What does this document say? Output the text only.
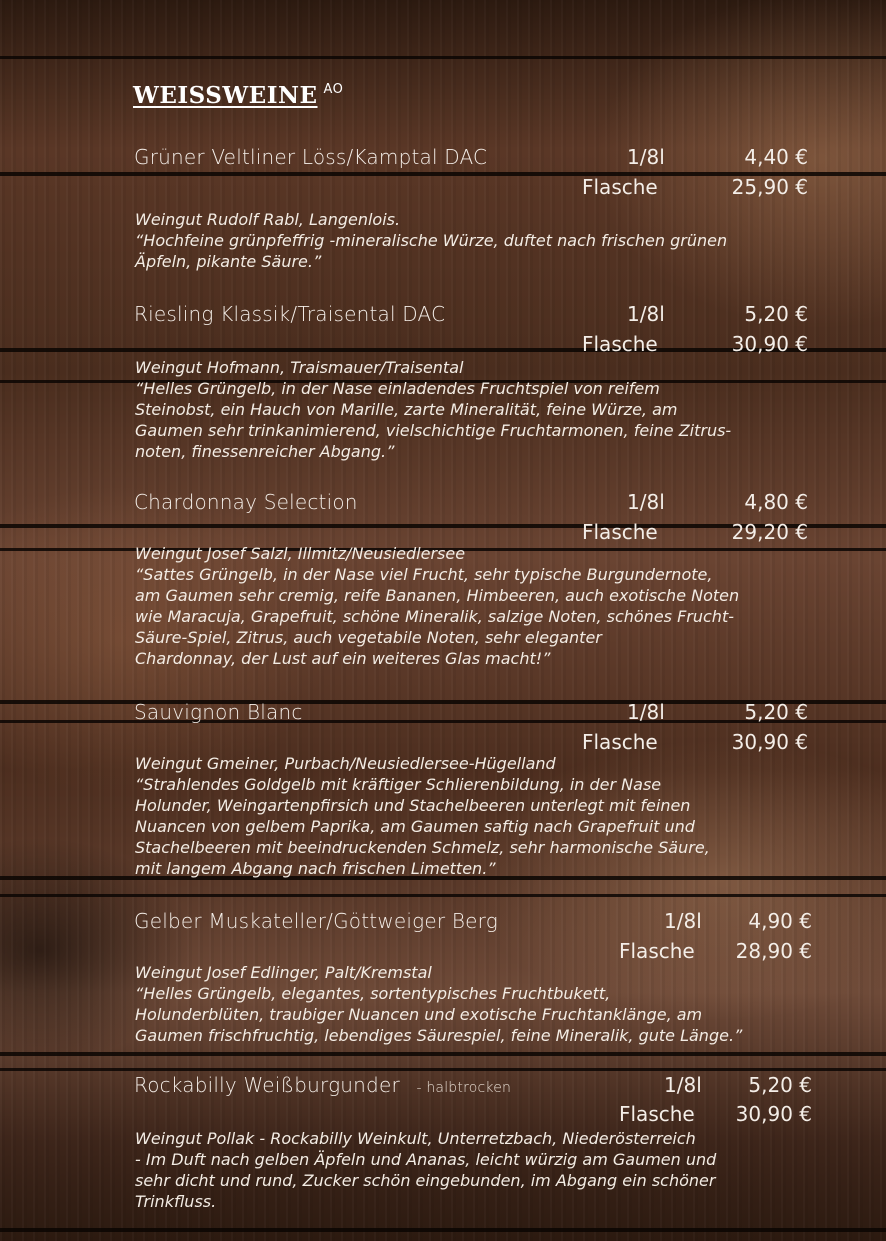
WEISSWEINE $^{AO}$
Grüner Veltliner Löss/Kamptal DAC	1/8l	4,40 €
Flasche	25,90 €
Weingut Rudolf Rabl, Langenlois.
“Hochfeine grünpfeffrig -mineralische Würze, duftet nach frischen grünen
Äpfeln, pikante Säure.”
Riesling Klassik/Traisental DAC	1/8l	5,20 €
Flasche	30,90 €
Weingut Hofmann, Traismauer/Traisental
“Helles Grüngelb, in der Nase einladendes Fruchtspiel von reifem
Steinobst, ein Hauch von Marille, zarte Mineralität, feine Würze, am
Gaumen sehr trinkanimierend, vielschichtige Fruchtarmonen, feine Zitrus-
noten, finessenreicher Abgang.”
Chardonnay Selection	1/8l	4,80 €
Flasche	29,20 €
Weingut Josef Salzl, Illmitz/Neusiedlersee
“Sattes Grüngelb, in der Nase viel Frucht, sehr typische Burgundernote,
am Gaumen sehr cremig, reife Bananen, Himbeeren, auch exotische Noten
wie Maracuja, Grapefruit, schöne Mineralik, salzige Noten, schönes Frucht-
Säure-Spiel, Zitrus, auch vegetabile Noten, sehr eleganter
Chardonnay, der Lust auf ein weiteres Glas macht!”
Sauvignon Blanc	1/8l	5,20 €
Flasche	30,90 €
Weingut Gmeiner, Purbach/Neusiedlersee-Hügelland
“Strahlendes Goldgelb mit kräftiger Schlierenbildung, in der Nase
Holunder, Weingartenpfirsich und Stachelbeeren unterlegt mit feinen
Nuancen von gelbem Paprika, am Gaumen saftig nach Grapefruit und
Stachelbeeren mit beeindruckenden Schmelz, sehr harmonische Säure,
mit langem Abgang nach frischen Limetten.”
Gelber Muskateller/Göttweiger Berg	1/8l 4,90 €
Flasche 28,90 €
Weingut Josef Edlinger, Palt/Kremstal
“Helles Grüngelb, elegantes, sortentypisches Fruchtbukett,
Holunderblüten, traubiger Nuancen und exotische Fruchtanklänge, am
Gaumen frischfruchtig, lebendiges Säurespiel, feine Mineralik, gute Länge.”
Rockabilly Weißburgunder - halbtrocken	1/8l 5,20 €
Flasche 30,90 €
Weingut Pollak - Rockabilly Weinkult, Unterretzbach, Niederösterreich
- Im Duft nach gelben Äpfeln und Ananas, leicht würzig am Gaumen und
sehr dicht und rund, Zucker schön eingebunden, im Abgang ein schöner
Trinkfluss.
